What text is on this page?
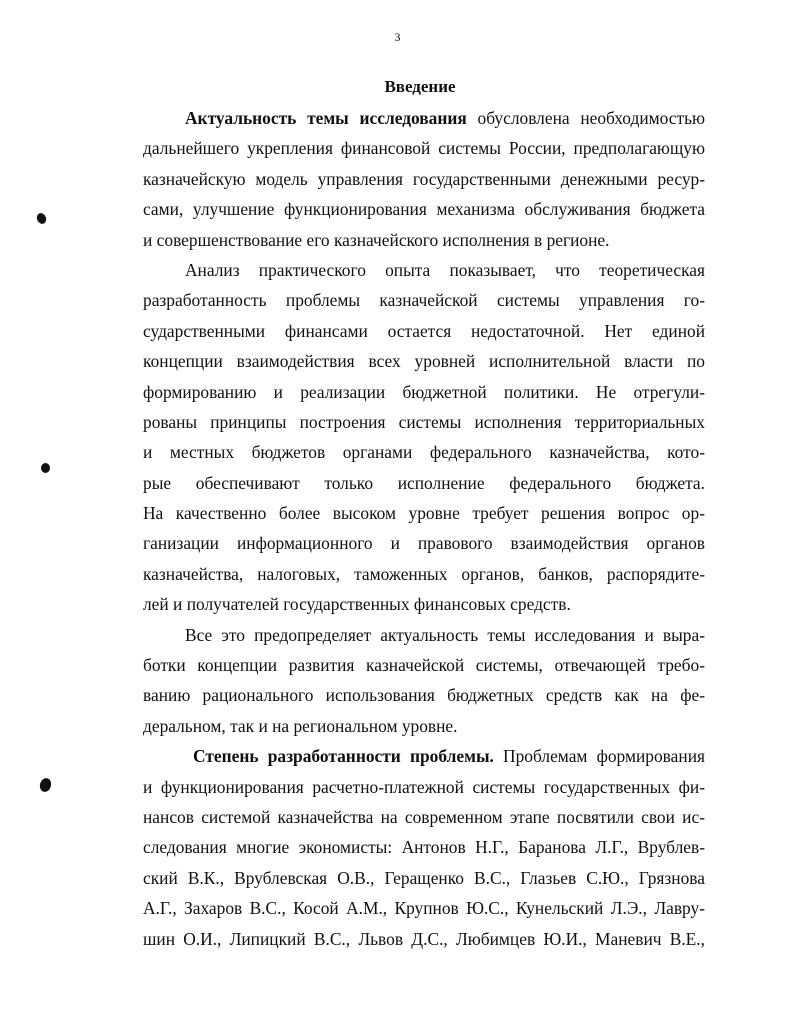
3
Введение
Актуальность темы исследования обусловлена необходимостью
дальнейшего укрепления финансовой системы России, предполагающую
казначейскую модель управления государственными денежными ресур-
сами, улучшение функционирования механизма обслуживания бюджета
и совершенствование его казначейского исполнения в регионе.
Анализ практического опыта показывает, что теоретическая
разработанность проблемы казначейской системы управления го-
сударственными финансами остается недостаточной. Нет единой
концепции взаимодействия всех уровней исполнительной власти по
формированию и реализации бюджетной политики. Не отрегули-
рованы принципы построения системы исполнения территориальных
и местных бюджетов органами федерального казначейства, кото-
рые обеспечивают только исполнение федерального бюджета.
На качественно более высоком уровне требует решения вопрос ор-
ганизации информационного и правового взаимодействия органов
казначейства, налоговых, таможенных органов, банков, распорядите-
лей и получателей государственных финансовых средств.
Все это предопределяет актуальность темы исследования и выра-
ботки концепции развития казначейской системы, отвечающей требо-
ванию рационального использования бюджетных средств как на фе-
деральном, так и на региональном уровне.
Степень разработанности проблемы. Проблемам формирования
и функционирования расчетно-платежной системы государственных фи-
нансов системой казначейства на современном этапе посвятили свои ис-
следования многие экономисты: Антонов Н.Г., Баранова Л.Г., Врублев-
ский В.К., Врублевская О.В., Геращенко В.С., Глазьев С.Ю., Грязнова
А.Г., Захаров В.С., Косой А.М., Крупнов Ю.С., Кунельский Л.Э., Лавру-
шин О.И., Липицкий В.С., Львов Д.С., Любимцев Ю.И., Маневич В.Е.,
